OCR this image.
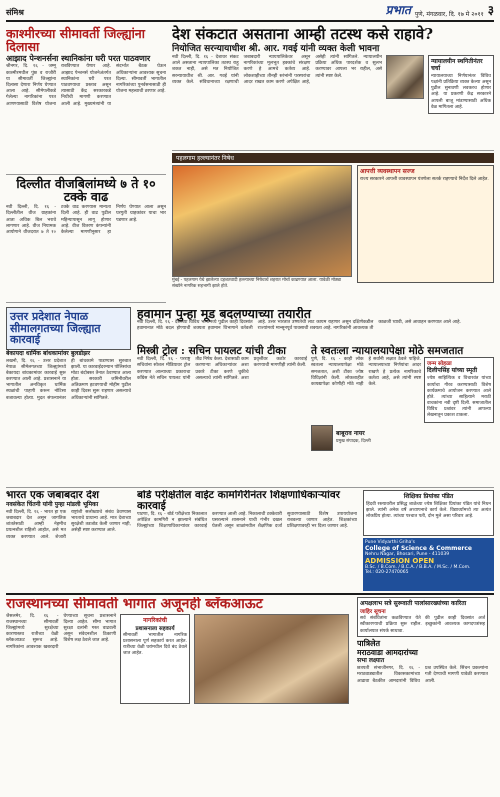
संमिश्र	प्रभात पुणे, मंगळवार, दि. १७ मे २०११ ३
काश्मीरच्या सीमावर्ती जिल्ह्यांना दिलासा
आझाद पेन्शनर्सना स्थानिकांना घरी परत पाठवणार
श्रीनगर, दि. १६ - जम्मू काश्मीरमधील पुंछ व राजौरी या सीमावर्ती जिल्ह्यांना दिलासा देणारा निर्णय घेण्यात आला आहे. सीमेपलीकडे गेलेल्या नागरिकांना परत आणण्यासाठी विशेष योजना राबविण्यात येणार आहे. आझाद पेन्शनर्स योजनेअंतर्गत स्थानिकांना घरी परत पाठवण्याचा प्रस्ताव असून त्यासाठी केंद्र सरकारकडे निधीची मागणी करण्यात आली आहे. मुख्यमंत्र्यांनी या संदर्भात बैठक घेऊन अधिकाऱ्यांना आवश्यक सूचना दिल्या. सीमावर्ती भागातील नागरिकांच्या पुनर्वसनासाठी ही योजना महत्त्वाची ठरणार आहे.
दिल्लीत वीजबिलांमध्ये ७ ते १० टक्के वाढ
नवी दिल्ली, दि. १६ - दिल्लीतील वीज ग्राहकांना आता अधिक बिल भरावे लागणार आहे. वीज नियामक आयोगाने वीजदरात ७ ते १० टक्के वाढ करण्यास मान्यता दिली आहे. ही वाढ पुढील महिन्यापासून लागू होणार आहे. वीज वितरण कंपन्यांनी केलेल्या मागणीनुसार हा निर्णय घेण्यात आला असून घरगुती ग्राहकांवर याचा भार पडणार आहे.
देश संकटात असताना आम्ही तटस्थ कसे राहावे?
नियोजित सरन्यायाधीश श्री. आर. गवई यांनी व्यक्त केली भावना
नवी दिल्ली, दि. १६ - देशावर संकट आले असताना न्यायपालिका तटस्थ राहू शकत नाही, असे मत नियोजित सरन्यायाधीश श्री. आर. गवई यांनी व्यक्त केले. संविधानाच्या रक्षणाची जबाबदारी न्यायपालिकेवर असून नागरिकांच्या मूलभूत हक्कांचे संरक्षण करणे हे आमचे कर्तव्य आहे. लोकशाहीच्या तीनही स्तंभांनी परस्परांचा आदर राखत काम करणे अपेक्षित आहे, असेही त्यांनी सांगितले. न्यायालयीन प्रक्रिया अधिक पारदर्शक व सुलभ करण्यावर आपला भर राहील, असे त्यांनी स्पष्ट केले.
न्यायालयीन स्थगितीनंतर चर्चा
न्यायालयाच्या निर्णयानंतर विविध पक्षांनी प्रतिक्रिया व्यक्त केल्या असून पुढील सुनावणी लवकरच होणार आहे. या प्रकरणी केंद्र सरकारने आपली बाजू मांडण्यासाठी अधिक वेळ मागितला आहे.
पहलगाम हल्ल्यानंतर निषेध
मुंबई - पहलगाम येथे झालेल्या दहशतवादी हल्ल्याच्या निषेधार्थ शहरात मोर्चा काढण्यात आला. यावेळी मोठ्या संख्येने नागरिक सहभागी झाले होते.
आपत्ती व्यवस्थापन सज्ज
राज्य सरकारने आपत्ती व्यवस्थापन यंत्रणेला सतर्क राहण्याचे निर्देश दिले आहेत.
उत्तर प्रदेशात नेपाळ सीमालगतच्या जिल्ह्यात कारवाई
बेकायदा धार्मिक बांधकामांवर बुलडोझर
लखनौ, दि. १६ - उत्तर प्रदेशात नेपाळ सीमेलगतच्या जिल्ह्यांमध्ये बेकायदा बांधकामांवर कारवाई सुरू करण्यात आली आहे. प्रशासनाने या भागातील अनधिकृत धार्मिक स्थळांची पाहणी करून नोटिसा बजावल्या होत्या. मुदत संपल्यानंतर ही बांधकामे पाडण्यास सुरुवात झाली. या कारवाईदरम्यान पोलिसांचा मोठा बंदोबस्त तैनात ठेवण्यात आला होता. सरकारी जमिनीवरील अतिक्रमण हटवण्याची मोहीम पुढील काही दिवस सुरू राहणार असल्याचे अधिकाऱ्यांनी सांगितले.
हवामान पुन्हा मूड बदलण्याच्या तयारीत
नवी दिल्ली, दि. १६ - देशाच्या विविध भागांमध्ये पुढील काही दिवसांत हवामानात मोठे बदल होण्याची शक्यता हवामान विभागाने वर्तवली आहे. उत्तर भारतात उष्णतेची लाट कायम राहणार असून दक्षिणेकडील राज्यांमध्ये मान्सूनपूर्व पावसाची शक्यता आहे. नागरिकांनी आवश्यक ती काळजी घ्यावी, असे आवाहन करण्यात आले आहे.
मिस्त्री ट्रोल : सचिन पायलट यांची टीका
नवी दिल्ली, दि. १६ - परराष्ट्र सचिवांना सोशल मीडियावर ट्रोल करण्यात आल्याच्या प्रकाराचा काँग्रेस नेते सचिन पायलट यांनी तीव्र निषेध केला. देशासाठी काम करणाऱ्या अधिकाऱ्यांवर अशा प्रकारे टीका करणे चुकीचे असल्याचे त्यांनी सांगितले. अशा प्रवृत्तींवर कठोर कारवाई करण्याची मागणीही त्यांनी केली.
ते स्वतःला न्यायालयापेक्षा मोठे समजतात
पुणे, दि. १६ - काही लोक स्वतःला न्यायालयापेक्षा मोठे समजतात, अशी टीका ज्येष्ठ विधिज्ञांनी केली. लोकशाहीत कायद्यापेक्षा कोणीही मोठे नाही हे सर्वांनी लक्षात ठेवले पाहिजे. न्यायालयाच्या निर्णयांचा आदर राखणे हे प्रत्येक नागरिकाचे कर्तव्य आहे, असे त्यांनी स्पष्ट केले.
जन्म सोहळा
दिलीपसिंह यांच्या स्मृती
ज्येष्ठ साहित्यिक व विचारवंत यांच्या कार्याचा गौरव करण्यासाठी विशेष कार्यक्रमाचे आयोजन करण्यात आले होते. त्यांच्या साहित्याने मराठी वाचकांना नवी दृष्टी दिली. समाजातील विविध प्रश्नांवर त्यांनी आपल्या लेखनातून प्रकाश टाकला.
बाबूराव नायर
प्रमुख संपादक, दिल्ली
भारत एक जबाबदार देश
नवसंकेत चिंतनी यांनी पुन्हा मांडली भूमिका
नवी दिल्ली, दि. १६ - भारत हा एक जबाबदार देश असून जागतिक शांततेसाठी आम्ही नेहमीच प्रयत्नशील राहिलो आहोत, असे मत व्यक्त करण्यात आले. शेजारी राष्ट्रांशी सलोख्याचे संबंध ठेवण्यास भारताचे प्राधान्य आहे. मात्र देशाच्या सुरक्षेशी तडजोड केली जाणार नाही, असेही स्पष्ट करण्यात आले.
बोर्ड परीक्षेतील वाईट कामगिरीनंतर शिक्षणाधिकाऱ्यांवर कारवाई
पाटणा, दि. १६ - बोर्ड परीक्षेच्या निकालात अपेक्षित कामगिरी न झाल्याने संबंधित जिल्ह्यांच्या शिक्षणाधिकाऱ्यांवर कारवाई करण्यात आली आहे. निकालाची टक्केवारी घसरल्याने शासनाने याची गंभीर दखल घेतली असून शाळांमधील शैक्षणिक दर्जा सुधारण्यासाठी विशेष उपाययोजना राबवल्या जाणार आहेत. शिक्षकांच्या प्रशिक्षणावरही भर दिला जाणार आहे.
शिक्षिका प्रियांका पंडित
हिंदवी रस्त्यावरील प्रसिद्ध शाळेच्या ज्येष्ठ शिक्षिका प्रियांका पंडित यांचे निधन झाले. त्यांनी अनेक वर्षे अध्यापनाचे कार्य केले. विद्यार्थ्यांमध्ये त्या अत्यंत लोकप्रिय होत्या. त्यांच्या पश्चात पती, दोन मुले असा परिवार आहे.
Pune Vidyarthi Griha's
College of Science & Commerce
Nehru Nagar, Bhosari, Pune - 411039
ADMISSION OPEN
B.Sc. / B.Com. / B.C.A. / B.B.A. / M.Sc. / M.Com.
Tel.: 020-27470065
राजस्थानच्या सीमावर्ती भागात अजूनही ब्लॅकआऊट
जैसलमेर, दि. १६ - राजस्थानच्या सीमावर्ती जिल्ह्यांमध्ये सुरक्षेच्या कारणास्तव रात्रीच्या वेळी ब्लॅकआऊट सुरूच आहे. नागरिकांना आवश्यक खबरदारी घेण्याच्या सूचना प्रशासनाने दिल्या आहेत. सीमा भागात सुरक्षा दलांनी गस्त वाढवली असून संवेदनशील ठिकाणी विशेष लक्ष ठेवले जात आहे.
नागरिकांची
प्रशासनाला सहकार्य
सीमावर्ती भागातील नागरिक प्रशासनाला पूर्ण सहकार्य करत आहेत. रात्रीच्या वेळी घरांमधील दिवे बंद ठेवले जात आहेत.
अपक्षलाभ सत्रे सुरूवाती पालांसारख्यांच्या कारिता
जाहिर सूचना
सर्व संबंधितांना कळविण्यात येते की पुढील काही दिवसांत अर्ज स्वीकारण्याची प्रक्रिया सुरू राहील. इच्छुकांनी आवश्यक कागदपत्रांसह कार्यालयात संपर्क साधावा.
पात्रिलेत
मराठवाडा आमदारांच्या
सभा लक्ष्यात
छत्रपती संभाजीनगर, दि. १६ - मराठवाड्यातील विकासकामांच्या आढावा बैठकीत आमदारांनी विविध प्रश्न उपस्थित केले. सिंचन प्रकल्पांना गती देण्याची मागणी यावेळी करण्यात आली.
